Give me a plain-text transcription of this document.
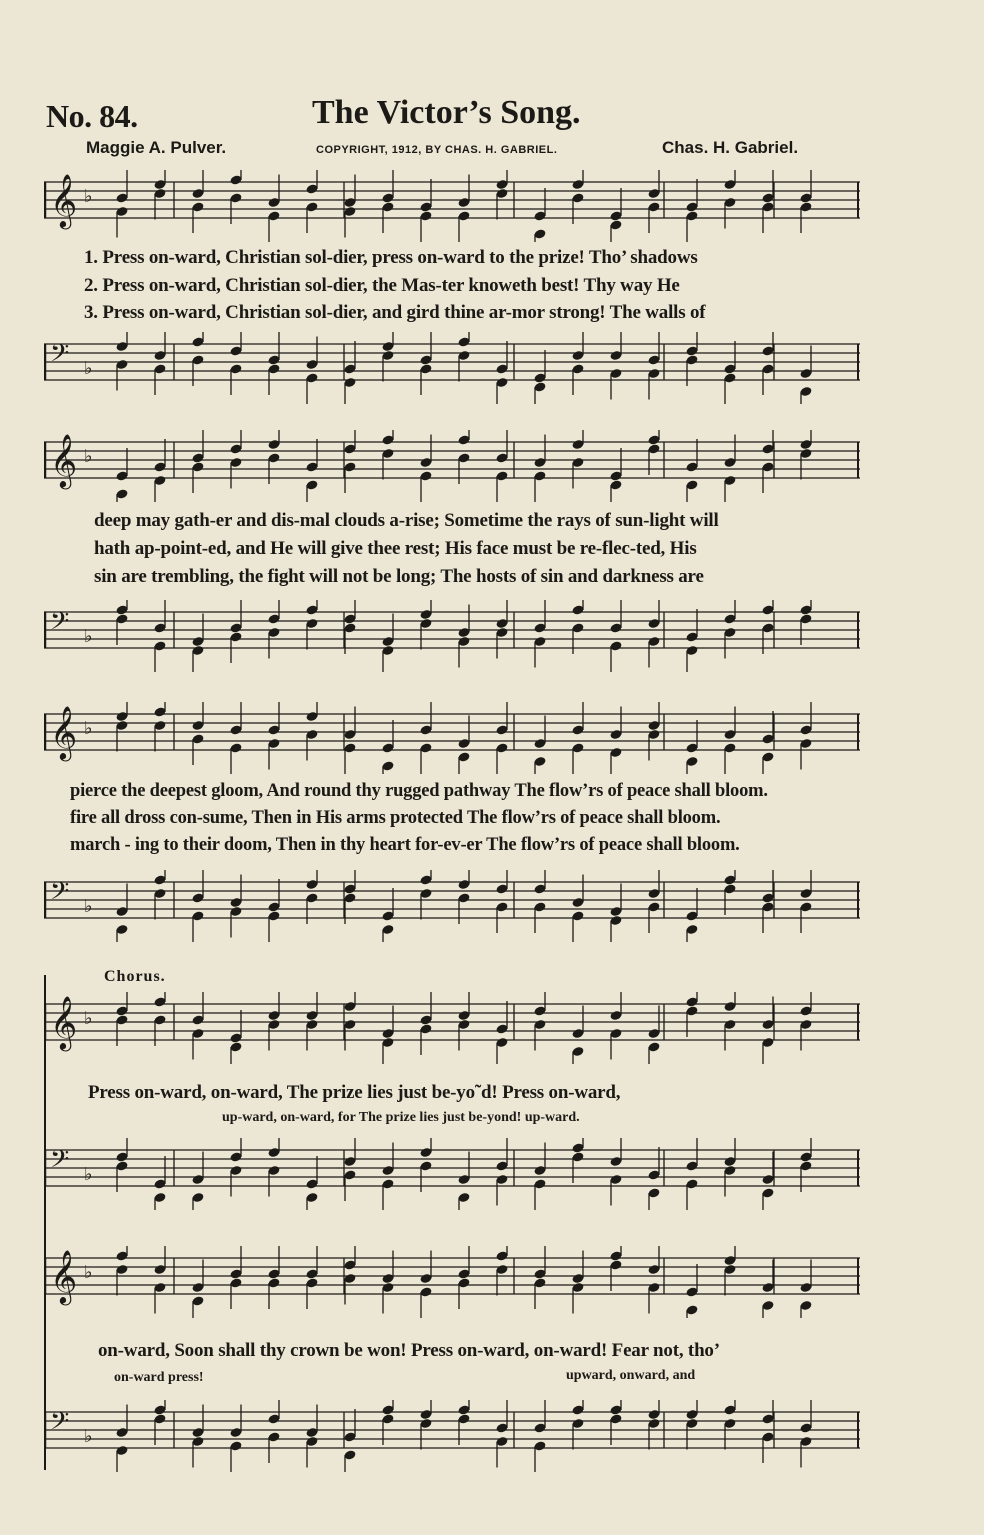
No. 84.	The Victor’s Song.
Maggie A. Pulver.	COPYRIGHT, 1912, BY CHAS. H. GABRIEL.	Chas. H. Gabriel.
𝄞 ♭
1. Press on-ward, Christian sol-dier, press on-ward to the prize! Tho’ shadows
2. Press on-ward, Christian sol-dier, the Mas-ter knoweth best! Thy way He
3. Press on-ward, Christian sol-dier, and gird thine ar-mor strong! The walls of
𝄢 ♭
𝄞 ♭
deep may gath-er and dis-mal clouds a-rise; Sometime the rays of sun-light will
hath ap-point-ed, and He will give thee rest; His face must be re-flec-ted, His
sin are trembling, the fight will not be long; The hosts of sin and darkness are
𝄢 ♭
𝄞 ♭
pierce the deepest gloom, And round thy rugged pathway The flow’rs of peace shall bloom.
fire all dross con-sume, Then in His arms protected The flow’rs of peace shall bloom.
march - ing to their doom, Then in thy heart for-ev-er The flow’rs of peace shall bloom.
𝄢 ♭
Chorus.
𝄞 ♭
Press on-ward, on-ward, The prize lies just be-yo˜d! Press on-ward,
up-ward, on-ward, for The prize lies just be-yond! up-ward.
𝄢 ♭
𝄞 ♭
on-ward, Soon shall thy crown be won! Press on-ward, on-ward! Fear not, tho’
on-ward press!	upward, onward, and
𝄢 ♭
